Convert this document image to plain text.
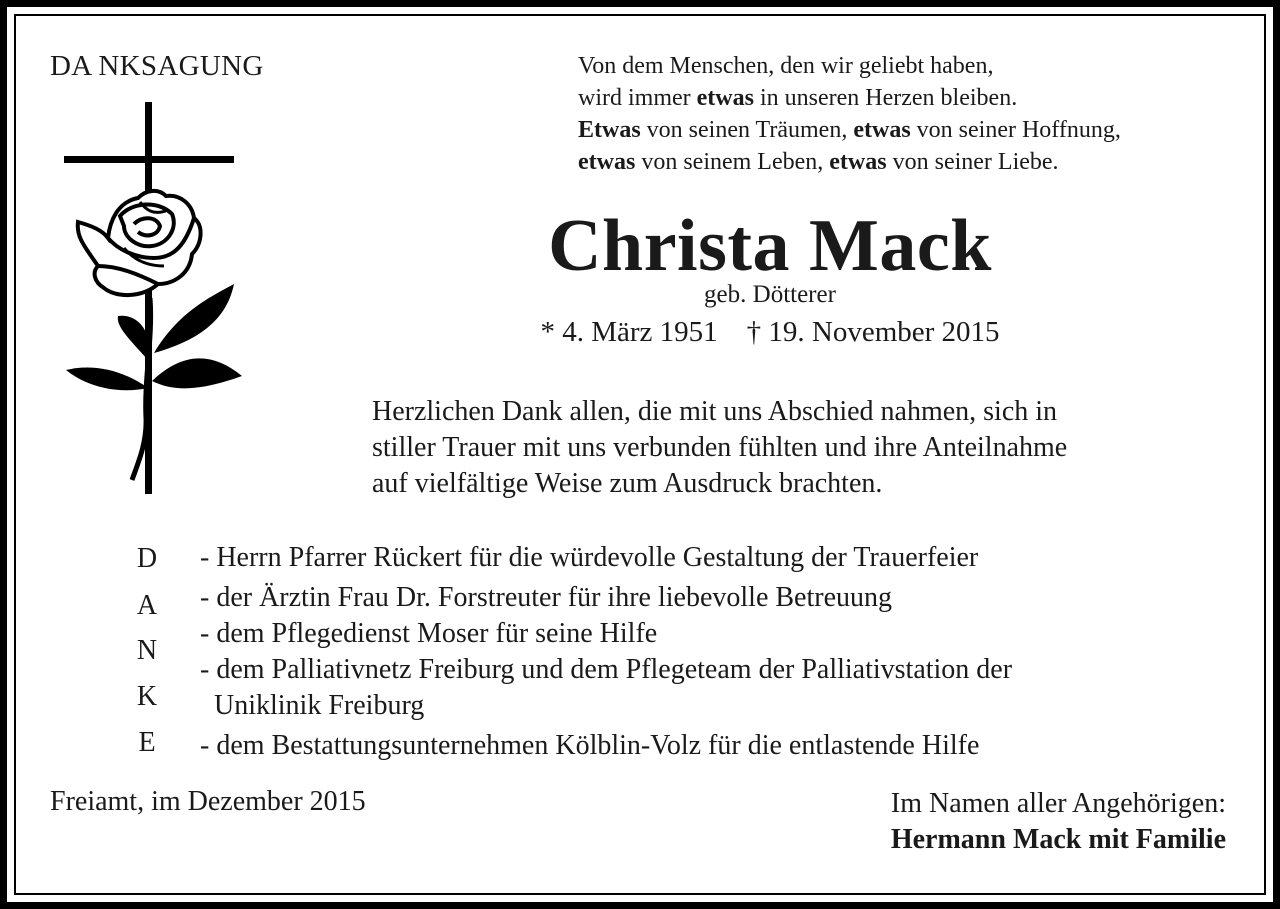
DA NKSAGUNG	Von dem Menschen, den wir geliebt haben,
wird immer etwas in unseren Herzen bleiben.
Etwas von seinen Träumen, etwas von seiner Hoffnung,
etwas von seinem Leben, etwas von seiner Liebe.
Christa Mack
geb. Dötterer
* 4. März 1951    † 19. November 2015
Herzlichen Dank allen, die mit uns Abschied nahmen, sich in
stiller Trauer mit uns verbunden fühlten und ihre Anteilnahme
auf vielfältige Weise zum Ausdruck brachten.
D
A
N
K
E
- Herrn Pfarrer Rückert für die würdevolle Gestaltung der Trauerfeier
- der Ärztin Frau Dr. Forstreuter für ihre liebevolle Betreuung
- dem Pflegedienst Moser für seine Hilfe
- dem Palliativnetz Freiburg und dem Pflegeteam der Palliativstation der
Uniklinik Freiburg
- dem Bestattungsunternehmen Kölblin-Volz für die entlastende Hilfe
Freiamt, im Dezember 2015	Im Namen aller Angehörigen:
Hermann Mack mit Familie
